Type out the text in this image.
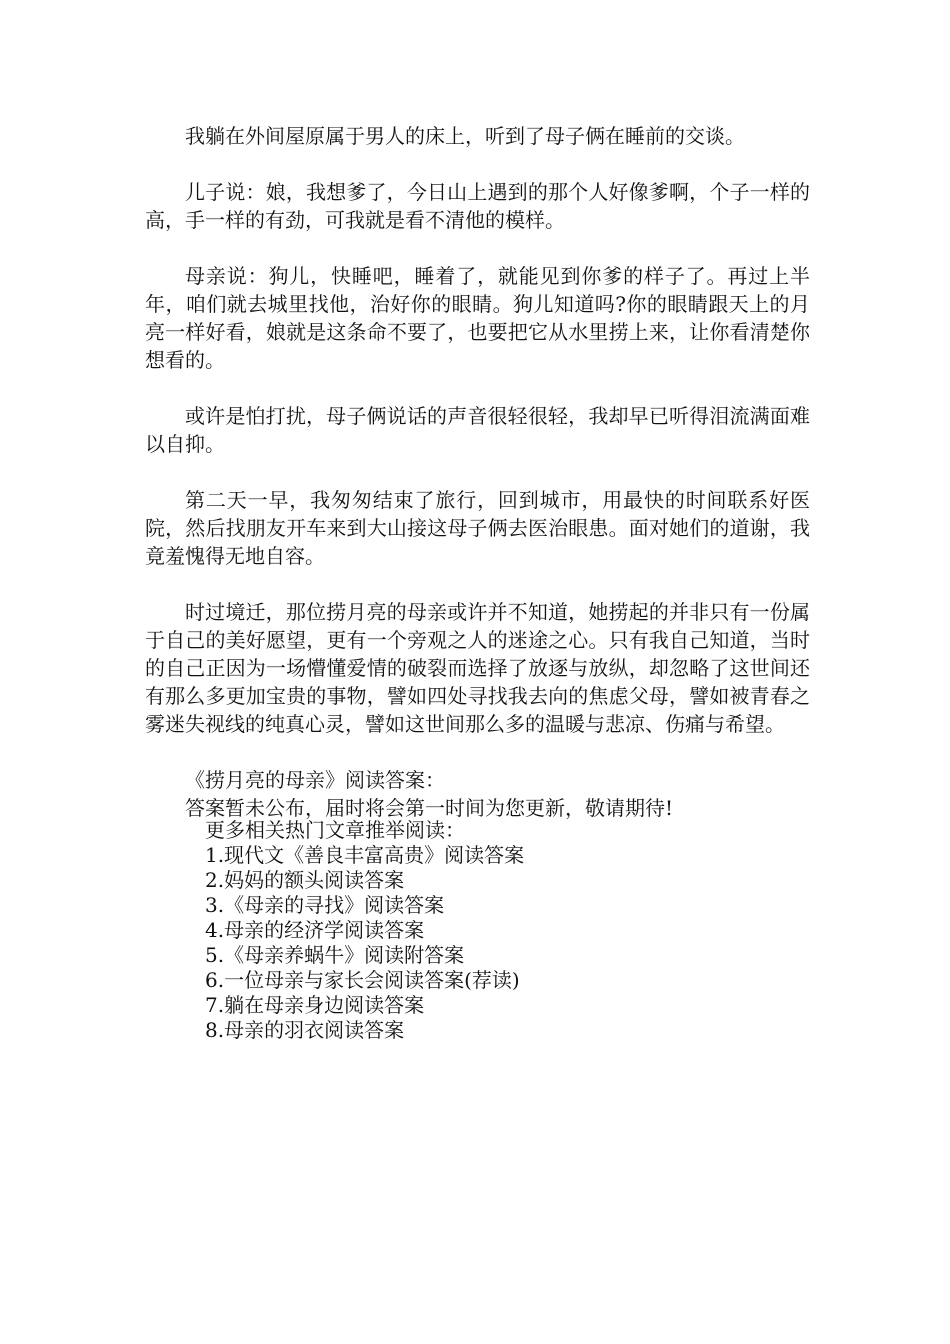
我躺在外间屋原属于男人的床上，听到了母子俩在睡前的交谈。

儿子说：娘，我想爹了，今日山上遇到的那个人好像爹啊，个子一样的高，手一样的有劲，可我就是看不清他的模样。

母亲说：狗儿，快睡吧，睡着了，就能见到你爹的样子了。再过上半年，咱们就去城里找他，治好你的眼睛。狗儿知道吗?你的眼睛跟天上的月亮一样好看，娘就是这条命不要了，也要把它从水里捞上来，让你看清楚你想看的。

或许是怕打扰，母子俩说话的声音很轻很轻，我却早已听得泪流满面难以自抑。

第二天一早，我匆匆结束了旅行，回到城市，用最快的时间联系好医院，然后找朋友开车来到大山接这母子俩去医治眼患。面对她们的道谢，我竟羞愧得无地自容。

时过境迁，那位捞月亮的母亲或许并不知道，她捞起的并非只有一份属于自己的美好愿望，更有一个旁观之人的迷途之心。只有我自己知道，当时的自己正因为一场懵懂爱情的破裂而选择了放逐与放纵，却忽略了这世间还有那么多更加宝贵的事物，譬如四处寻找我去向的焦虑父母，譬如被青春之雾迷失视线的纯真心灵，譬如这世间那么多的温暖与悲凉、伤痛与希望。

《捞月亮的母亲》阅读答案：

答案暂未公布，届时将会第一时间为您更新，敬请期待!

更多相关热门文章推举阅读：

1.现代文《善良丰富高贵》阅读答案
2.妈妈的额头阅读答案
3.《母亲的寻找》阅读答案
4.母亲的经济学阅读答案
5.《母亲养蜗牛》阅读附答案
6.一位母亲与家长会阅读答案(荐读)
7.躺在母亲身边阅读答案
8.母亲的羽衣阅读答案
